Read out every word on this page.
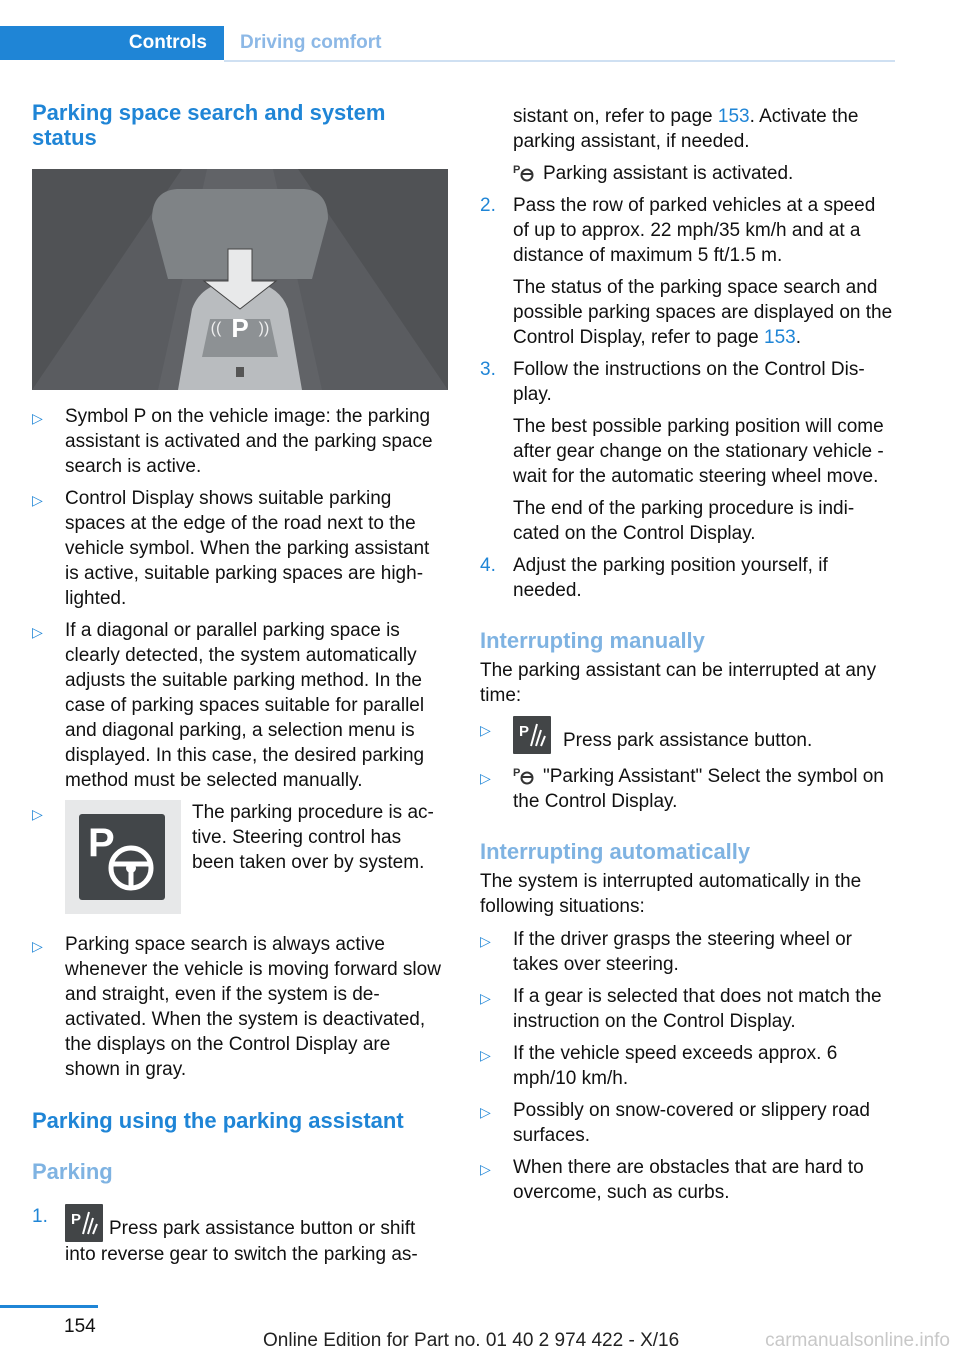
Controls Driving comfort
Parking space search and system status
P
(( ))
▷ Symbol P on the vehicle image: the parking assistant is activated and the parking space search is active.
▷ Control Display shows suitable parking spaces at the edge of the road next to the vehicle symbol. When the parking assistant is active, suitable parking spaces are high-lighted.
▷ If a diagonal or parallel parking space is clearly detected, the system automatically adjusts the suitable parking method. In the case of parking spaces suitable for parallel and diagonal parking, a selection menu is displayed. In this case, the desired parking method must be selected manually.
▷
P
The parking procedure is ac-tive. Steering control has been taken over by system.
▷ Parking space search is always active whenever the vehicle is moving forward slow and straight, even if the system is de-activated. When the system is deactivated, the displays on the Control Display are shown in gray.
Parking using the parking assistant
Parking
1. P Press park assistance button or shift into reverse gear to switch the parking as-
sistant on, refer to page 153. Activate the parking assistant, if needed.
P Parking assistant is activated.
2. Pass the row of parked vehicles at a speed of up to approx. 22 mph/35 km/h and at a distance of maximum 5 ft/1.5 m.
The status of the parking space search and possible parking spaces are displayed on the Control Display, refer to page 153.
3. Follow the instructions on the Control Dis-play.
The best possible parking position will come after gear change on the stationary vehicle - wait for the automatic steering wheel move.
The end of the parking procedure is indi-cated on the Control Display.
4. Adjust the parking position yourself, if needed.
Interrupting manually

The parking assistant can be interrupted at any time:

▷ P Press park assistance button.
▷ P "Parking Assistant" Select the symbol on the Control Display.
Interrupting automatically

The system is interrupted automatically in the following situations:

▷ If the driver grasps the steering wheel or takes over steering.
▷ If a gear is selected that does not match the instruction on the Control Display.
▷ If the vehicle speed exceeds approx. 6 mph/10 km/h.
▷ Possibly on snow-covered or slippery road surfaces.
▷ When there are obstacles that are hard to overcome, such as curbs.
154
Online Edition for Part no. 01 40 2 974 422 - X/16	carmanualsonline.info
